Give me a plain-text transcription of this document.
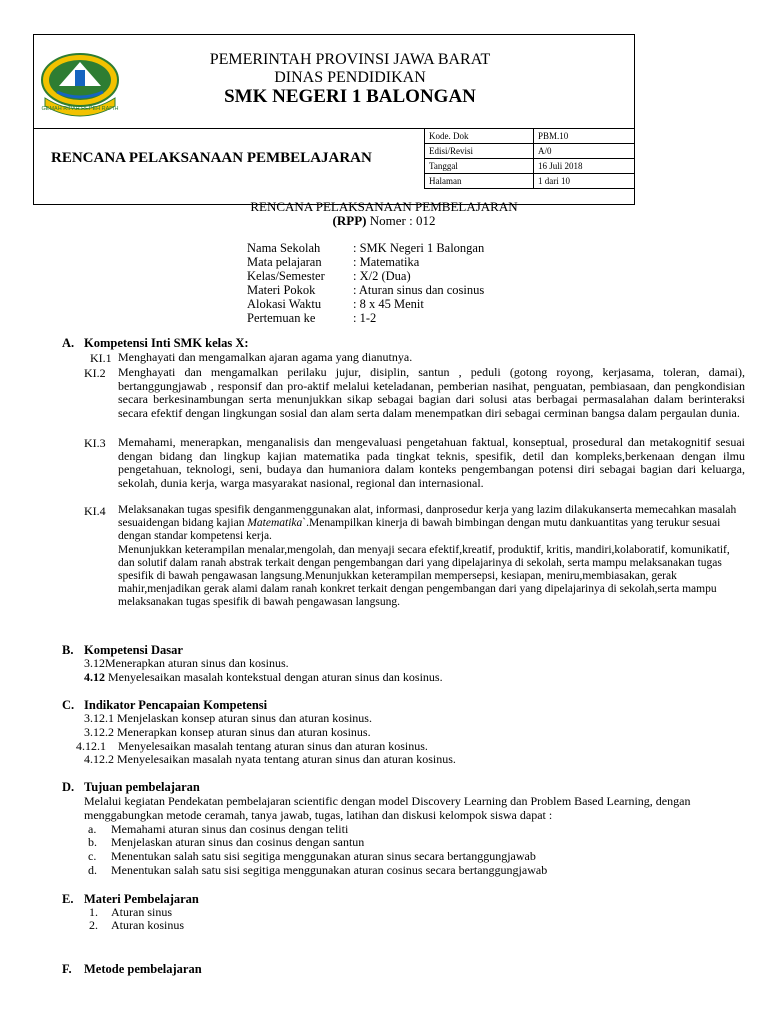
GEMAH RIPAH REPEH RAPIH
PEMERINTAH PROVINSI JAWA BARAT
DINAS PENDIDIKAN
SMK NEGERI 1 BALONGAN
RENCANA PELAKSANAAN PEMBELAJARAN
Kode. Dok	PBM.10
Edisi/Revisi	A/0
Tanggal	16 Juli 2018
Halaman	1 dari 10
RENCANA PELAKSANAAN PEMBELAJARAN
(RPP) Nomer : 012
Nama Sekolah	: SMK Negeri 1 Balongan
Mata pelajaran	: Matematika
Kelas/Semester : X/2 (Dua)
Materi Pokok	: Aturan sinus dan cosinus
Alokasi Waktu	: 8 x 45 Menit
Pertemuan ke	: 1-2
A. Kompetensi Inti SMK kelas X:
KI.1 Menghayati dan mengamalkan ajaran agama yang dianutnya.
KI.2 Menghayati dan mengamalkan perilaku jujur, disiplin, santun , peduli (gotong royong, kerjasama, toleran, damai), bertanggungjawab , responsif dan pro-aktif melalui keteladanan, pemberian nasihat, penguatan, pembiasaan, dan pengkondisian secara berkesinambungan serta menunjukkan sikap sebagai bagian dari solusi atas berbagai permasalahan dalam berinteraksi secara efektif dengan lingkungan sosial dan alam serta dalam menempatkan diri sebagai cerminan bangsa dalam pergaulan dunia.
KI.3 Memahami, menerapkan, menganalisis dan mengevaluasi pengetahuan faktual, konseptual, prosedural dan metakognitif sesuai dengan bidang dan lingkup kajian matematika pada tingkat teknis, spesifik, detil dan kompleks,berkenaan dengan ilmu pengetahuan, teknologi, seni, budaya dan humaniora dalam konteks pengembangan potensi diri sebagai bagian dari keluarga, sekolah, dunia kerja, warga masyarakat nasional, regional dan internasional.
KI.4 Melaksanakan tugas spesifik denganmenggunakan alat, informasi, danprosedur kerja yang lazim dilakukanserta memecahkan masalah sesuaidengan bidang kajian Matematika`.Menampilkan kinerja di bawah bimbingan dengan mutu dankuantitas yang terukur sesuai dengan standar kompetensi kerja.
Menunjukkan keterampilan menalar,mengolah, dan menyaji secara efektif,kreatif, produktif, kritis, mandiri,kolaboratif, komunikatif, dan solutif dalam ranah abstrak terkait dengan pengembangan dari yang dipelajarinya di sekolah, serta mampu melaksanakan tugas spesifik di bawah pengawasan langsung.Menunjukkan keterampilan mempersepsi, kesiapan, meniru,membiasakan, gerak mahir,menjadikan gerak alami dalam ranah konkret terkait dengan pengembangan dari yang dipelajarinya di sekolah,serta mampu melaksanakan tugas spesifik di bawah pengawasan langsung.
B. Kompetensi Dasar
3.12Menerapkan aturan sinus dan kosinus.
4.12 Menyelesaikan masalah kontekstual dengan aturan sinus dan kosinus.
C. Indikator Pencapaian Kompetensi
3.12.1 Menjelaskan konsep aturan sinus dan aturan kosinus.
3.12.2 Menerapkan konsep aturan sinus dan aturan kosinus.
4.12.1    Menyelesaikan masalah tentang aturan sinus dan aturan kosinus.
4.12.2 Menyelesaikan masalah nyata tentang aturan sinus dan aturan kosinus.
D. Tujuan pembelajaran
Melalui kegiatan Pendekatan pembelajaran scientific dengan model Discovery Learning dan Problem Based Learning, dengan menggabungkan metode ceramah, tanya jawab, tugas, latihan dan diskusi kelompok siswa dapat :
a. Memahami aturan sinus dan cosinus dengan teliti
b. Menjelaskan aturan sinus dan cosinus dengan santun
c. Menentukan salah satu sisi segitiga menggunakan aturan sinus secara bertanggungjawab
d. Menentukan salah satu sisi segitiga menggunakan aturan cosinus secara bertanggungjawab
E. Materi Pembelajaran
1. Aturan sinus
2. Aturan kosinus
F. Metode pembelajaran
